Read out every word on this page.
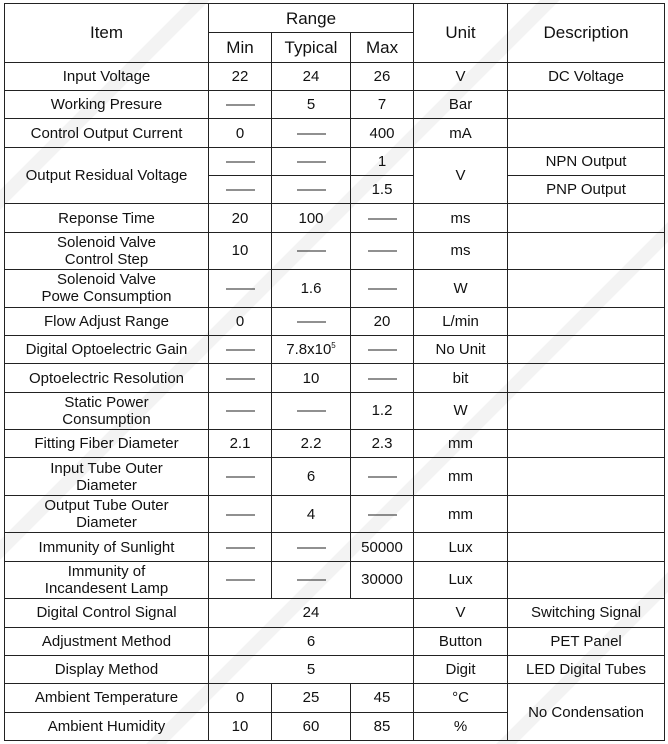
Item	Range			Unit	Description
	Min	Typical	Max		
Input Voltage	22	24	26	V	DC Voltage
Working Presure	——	5	7	Bar	
Control Output Current	0	——	400	mA	
Output Residual Voltage	——	——	1	V	NPN Output
	——	——	1.5		PNP Output
Reponse Time	20	100	——	ms	
Solenoid Valve
Control Step	10	——	——	ms	
Solenoid Valve
Powe Consumption	——	1.6	——	W	
Flow Adjust Range	0	——	20	L/min	
Digital Optoelectric Gain	——	$7.8x10^5$	——	No Unit	
Optoelectric Resolution	——	10	——	bit	
Static Power
Consumption	——	——	1.2	W	
Fitting Fiber Diameter	2.1	2.2	2.3	mm	
Input Tube Outer
Diameter	——	6	——	mm	
Output Tube Outer
Diameter	——	4	——	mm	
Immunity of Sunlight	——	——	50000	Lux	
Immunity of
Incandesent Lamp	——	——	30000	Lux	
Digital Control Signal	24			V	Switching Signal
Adjustment Method	6			Button	PET Panel
Display Method	5			Digit	LED Digital Tubes
Ambient Temperature	0	25	45	°C	No Condensation
Ambient Humidity	10	60	85	%	
